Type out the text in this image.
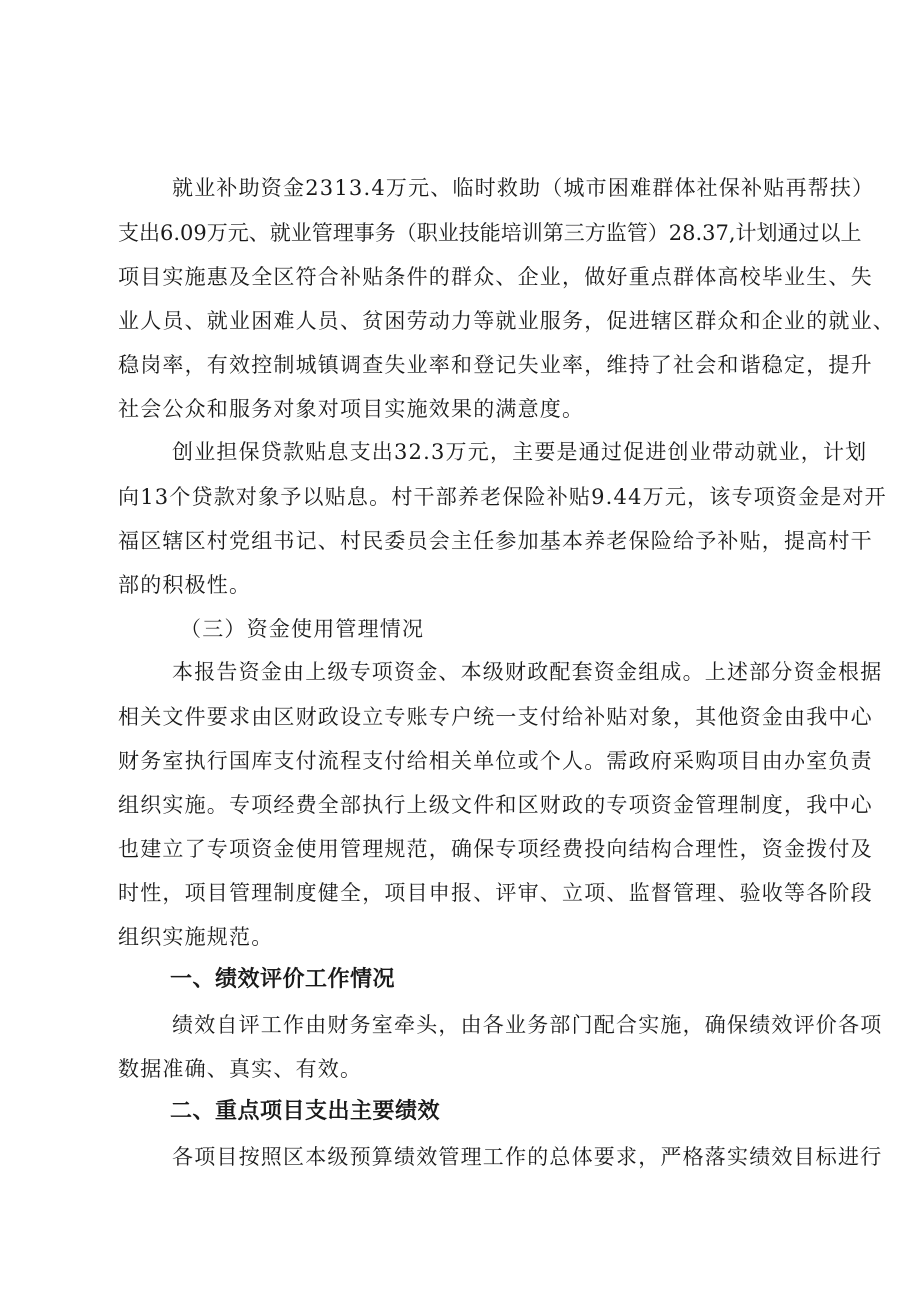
就业补助资金2313.4万元、临时救助（城市困难群体社保补贴再帮扶）
支出6.09万元、就业管理事务（职业技能培训第三方监管）28.37,计划通过以上
项目实施惠及全区符合补贴条件的群众、企业，做好重点群体高校毕业生、失
业人员、就业困难人员、贫困劳动力等就业服务，促进辖区群众和企业的就业、
稳岗率，有效控制城镇调查失业率和登记失业率，维持了社会和谐稳定，提升
社会公众和服务对象对项目实施效果的满意度。
创业担保贷款贴息支出32.3万元，主要是通过促进创业带动就业，计划
向13个贷款对象予以贴息。村干部养老保险补贴9.44万元，该专项资金是对开
福区辖区村党组书记、村民委员会主任参加基本养老保险给予补贴，提高村干
部的积极性。
（三）资金使用管理情况
本报告资金由上级专项资金、本级财政配套资金组成。上述部分资金根据
相关文件要求由区财政设立专账专户统一支付给补贴对象，其他资金由我中心
财务室执行国库支付流程支付给相关单位或个人。需政府采购项目由办室负责
组织实施。专项经费全部执行上级文件和区财政的专项资金管理制度，我中心
也建立了专项资金使用管理规范，确保专项经费投向结构合理性，资金拨付及
时性，项目管理制度健全，项目申报、评审、立项、监督管理、验收等各阶段
组织实施规范。
一、绩效评价工作情况
绩效自评工作由财务室牵头，由各业务部门配合实施，确保绩效评价各项
数据准确、真实、有效。
二、重点项目支出主要绩效
各项目按照区本级预算绩效管理工作的总体要求，严格落实绩效目标进行
